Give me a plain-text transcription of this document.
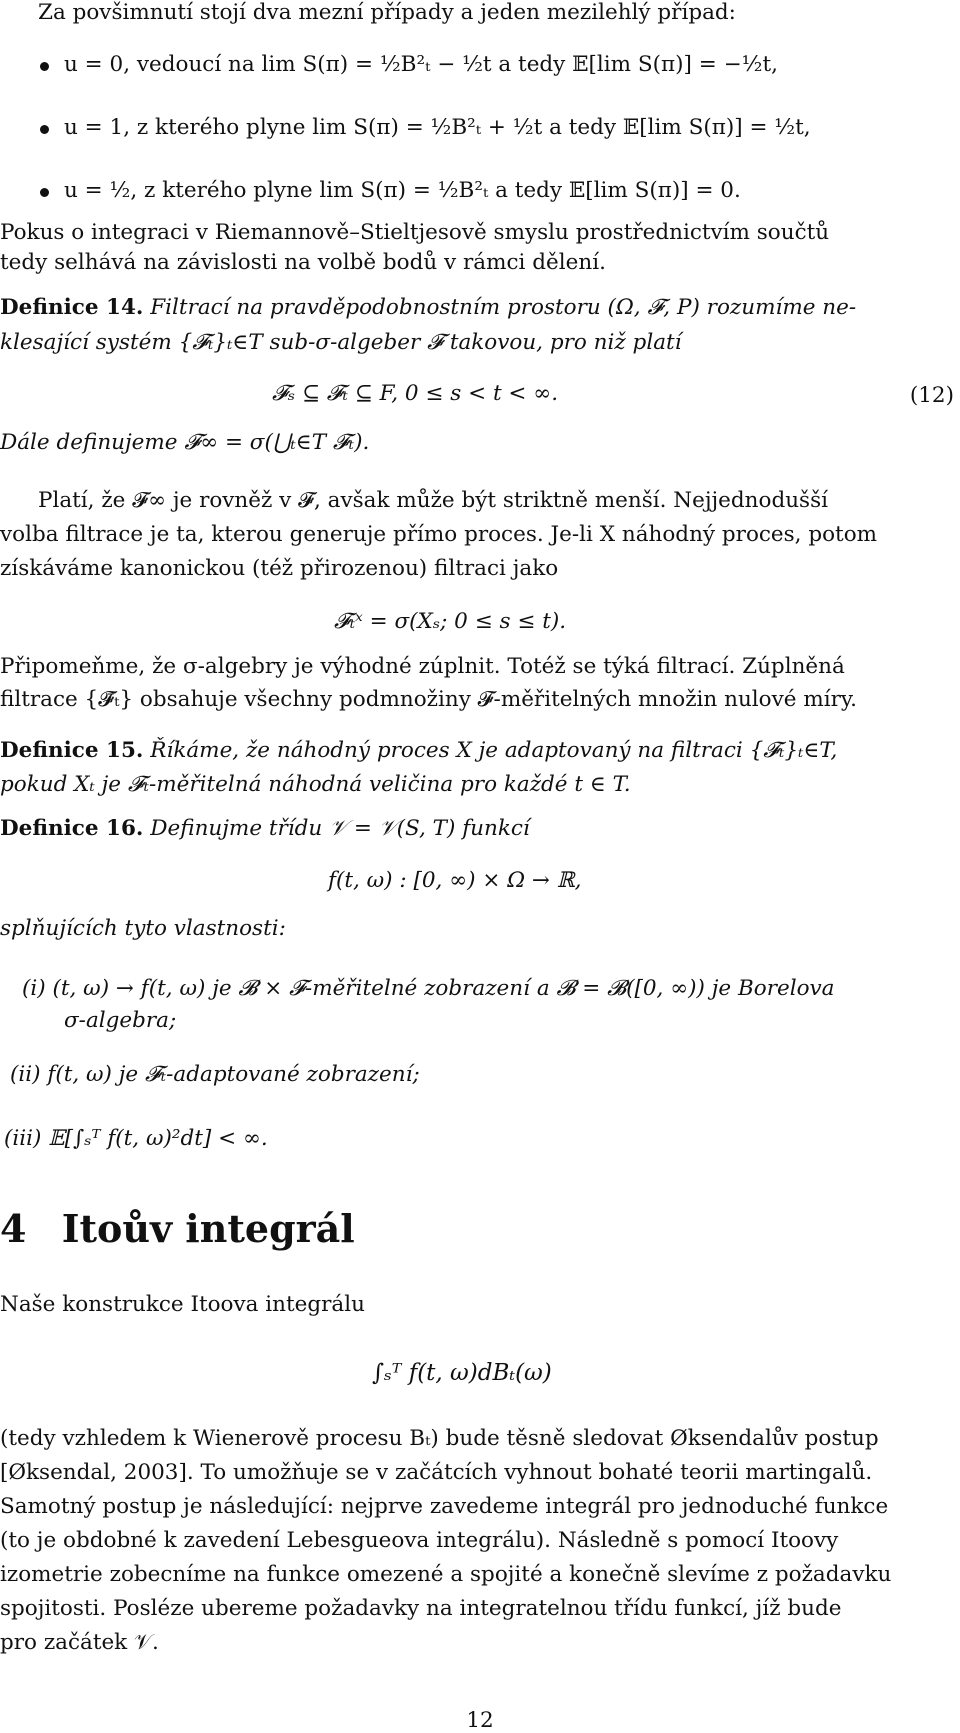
Za povšimnutí stojí dva mezní případy a jeden mezilehlý případ:
u = 0, vedoucí na lim S(π) = ½B²ₜ − ½t a tedy 𝔼[lim S(π)] = −½t,
u = 1, z kterého plyne lim S(π) = ½B²ₜ + ½t a tedy 𝔼[lim S(π)] = ½t,
u = ½, z kterého plyne lim S(π) = ½B²ₜ a tedy 𝔼[lim S(π)] = 0.
Pokus o integraci v Riemannově–Stieltjesově smyslu prostřednictvím součtů
tedy selhává na závislosti na volbě bodů v rámci dělení.
Definice 14. Filtrací na pravděpodobnostním prostoru (Ω, 𝓕, P) rozumíme ne-
klesající systém {𝓕ₜ}ₜ∈T sub-σ-algeber 𝓕 takovou, pro niž platí
𝓕ₛ ⊆ 𝓕ₜ ⊆ F, 0 ≤ s < t < ∞.	(12)
Dále definujeme 𝓕∞ = σ(⋃ₜ∈T 𝓕ₜ).
Platí, že 𝓕∞ je rovněž v 𝓕, avšak může být striktně menší. Nejjednodušší
volba filtrace je ta, kterou generuje přímo proces. Je-li X náhodný proces, potom
získáváme kanonickou (též přirozenou) filtraci jako
𝓕ₜˣ = σ(Xₛ; 0 ≤ s ≤ t).
Připomeňme, že σ-algebry je výhodné zúplnit. Totéž se týká filtrací. Zúplněná
filtrace {𝓕̄ₜ} obsahuje všechny podmnožiny 𝓕-měřitelných množin nulové míry.
Definice 15. Říkáme, že náhodný proces X je adaptovaný na filtraci {𝓕ₜ}ₜ∈T,
pokud Xₜ je 𝓕ₜ-měřitelná náhodná veličina pro každé t ∈ T.
Definice 16. Definujme třídu 𝒱 = 𝒱(S, T) funkcí
f(t, ω) : [0, ∞) × Ω → ℝ,
splňujících tyto vlastnosti:
(i) (t, ω) → f(t, ω) je 𝓑 × 𝓕-měřitelné zobrazení a 𝓑 = 𝓑([0, ∞)) je Borelova
σ-algebra;
(ii) f(t, ω) je 𝓕ₜ-adaptované zobrazení;
(iii) 𝔼[∫ₛᵀ f(t, ω)²dt] < ∞.
4 Itoův integrál
Naše konstrukce Itoova integrálu
∫ₛᵀ f(t, ω)dBₜ(ω)
(tedy vzhledem k Wienerově procesu Bₜ) bude těsně sledovat Øksendalův postup
[Øksendal, 2003]. To umožňuje se v začátcích vyhnout bohaté teorii martingalů.
Samotný postup je následující: nejprve zavedeme integrál pro jednoduché funkce
(to je obdobné k zavedení Lebesgueova integrálu). Následně s pomocí Itoovy
izometrie zobecníme na funkce omezené a spojité a konečně slevíme z požadavku
spojitosti. Posléze ubereme požadavky na integratelnou třídu funkcí, jíž bude
pro začátek 𝒱.
12
